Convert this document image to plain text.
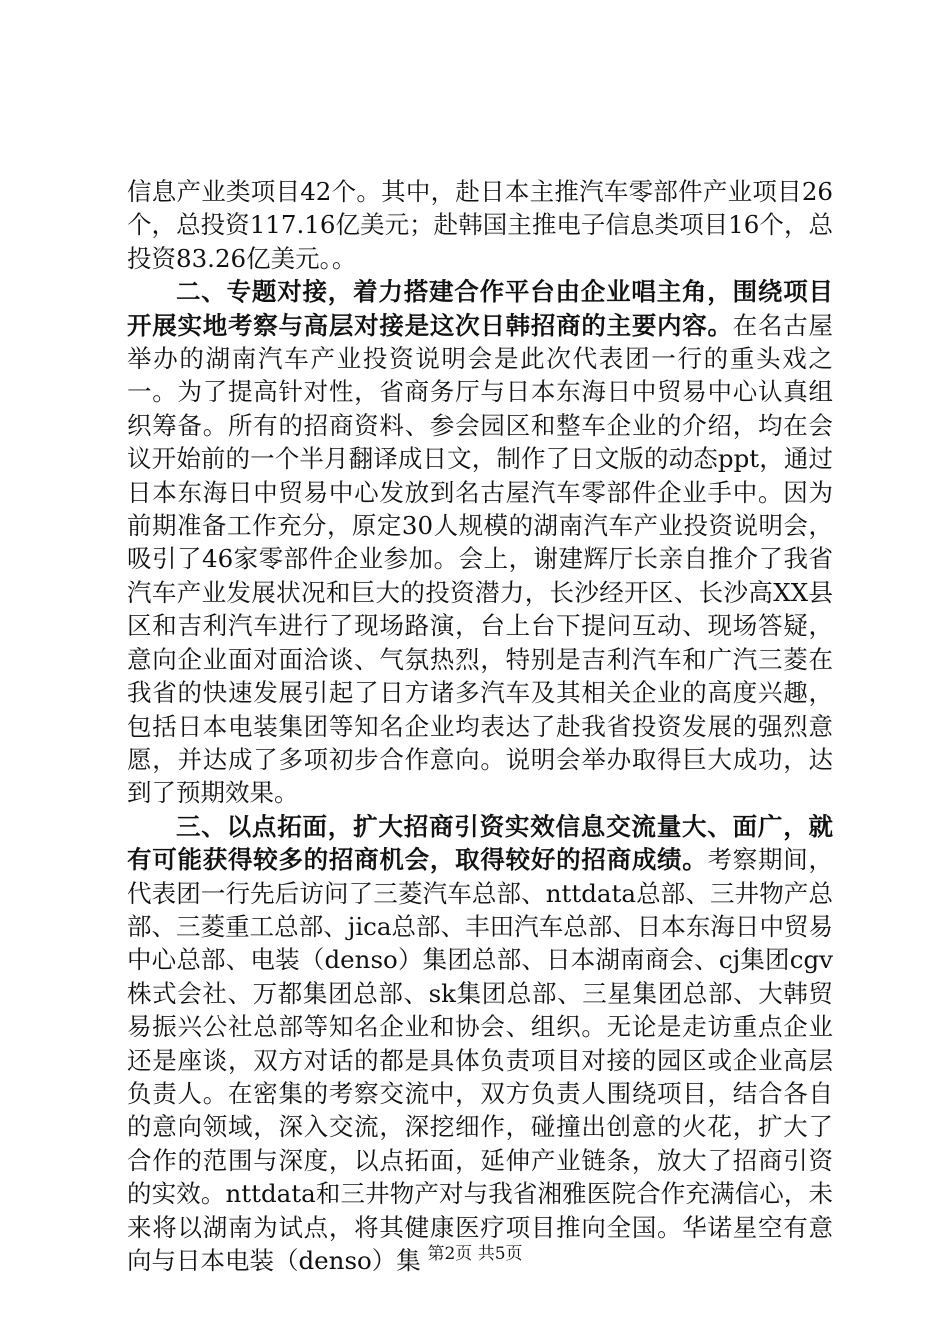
信息产业类项目42个。其中，赴日本主推汽车零部件产业项目26个，总投资117.16亿美元；赴韩国主推电子信息类项目16个，总投资83.26亿美元。。

二、专题对接，着力搭建合作平台由企业唱主角，围绕项目开展实地考察与高层对接是这次日韩招商的主要内容。在名古屋举办的湖南汽车产业投资说明会是此次代表团一行的重头戏之一。为了提高针对性，省商务厅与日本东海日中贸易中心认真组织筹备。所有的招商资料、参会园区和整车企业的介绍，均在会议开始前的一个半月翻译成日文，制作了日文版的动态ppt，通过日本东海日中贸易中心发放到名古屋汽车零部件企业手中。因为前期准备工作充分，原定30人规模的湖南汽车产业投资说明会，吸引了46家零部件企业参加。会上，谢建辉厅长亲自推介了我省汽车产业发展状况和巨大的投资潜力，长沙经开区、长沙高XX县区和吉利汽车进行了现场路演，台上台下提问互动、现场答疑，意向企业面对面洽谈、气氛热烈，特别是吉利汽车和广汽三菱在我省的快速发展引起了日方诸多汽车及其相关企业的高度兴趣，包括日本电装集团等知名企业均表达了赴我省投资发展的强烈意愿，并达成了多项初步合作意向。说明会举办取得巨大成功，达到了预期效果。

三、以点拓面，扩大招商引资实效信息交流量大、面广，就有可能获得较多的招商机会，取得较好的招商成绩。考察期间，代表团一行先后访问了三菱汽车总部、nttdata总部、三井物产总部、三菱重工总部、jica总部、丰田汽车总部、日本东海日中贸易中心总部、电装（denso）集团总部、日本湖南商会、cj集团cgv株式会社、万都集团总部、sk集团总部、三星集团总部、大韩贸易振兴公社总部等知名企业和协会、组织。无论是走访重点企业还是座谈，双方对话的都是具体负责项目对接的园区或企业高层负责人。在密集的考察交流中，双方负责人围绕项目，结合各自的意向领域，深入交流，深挖细作，碰撞出创意的火花，扩大了合作的范围与深度，以点拓面，延伸产业链条，放大了招商引资的实效。nttdata和三井物产对与我省湘雅医院合作充满信心，未来将以湖南为试点，将其健康医疗项目推向全国。华诺星空有意向与日本电装（denso）集 第2页 共5页
